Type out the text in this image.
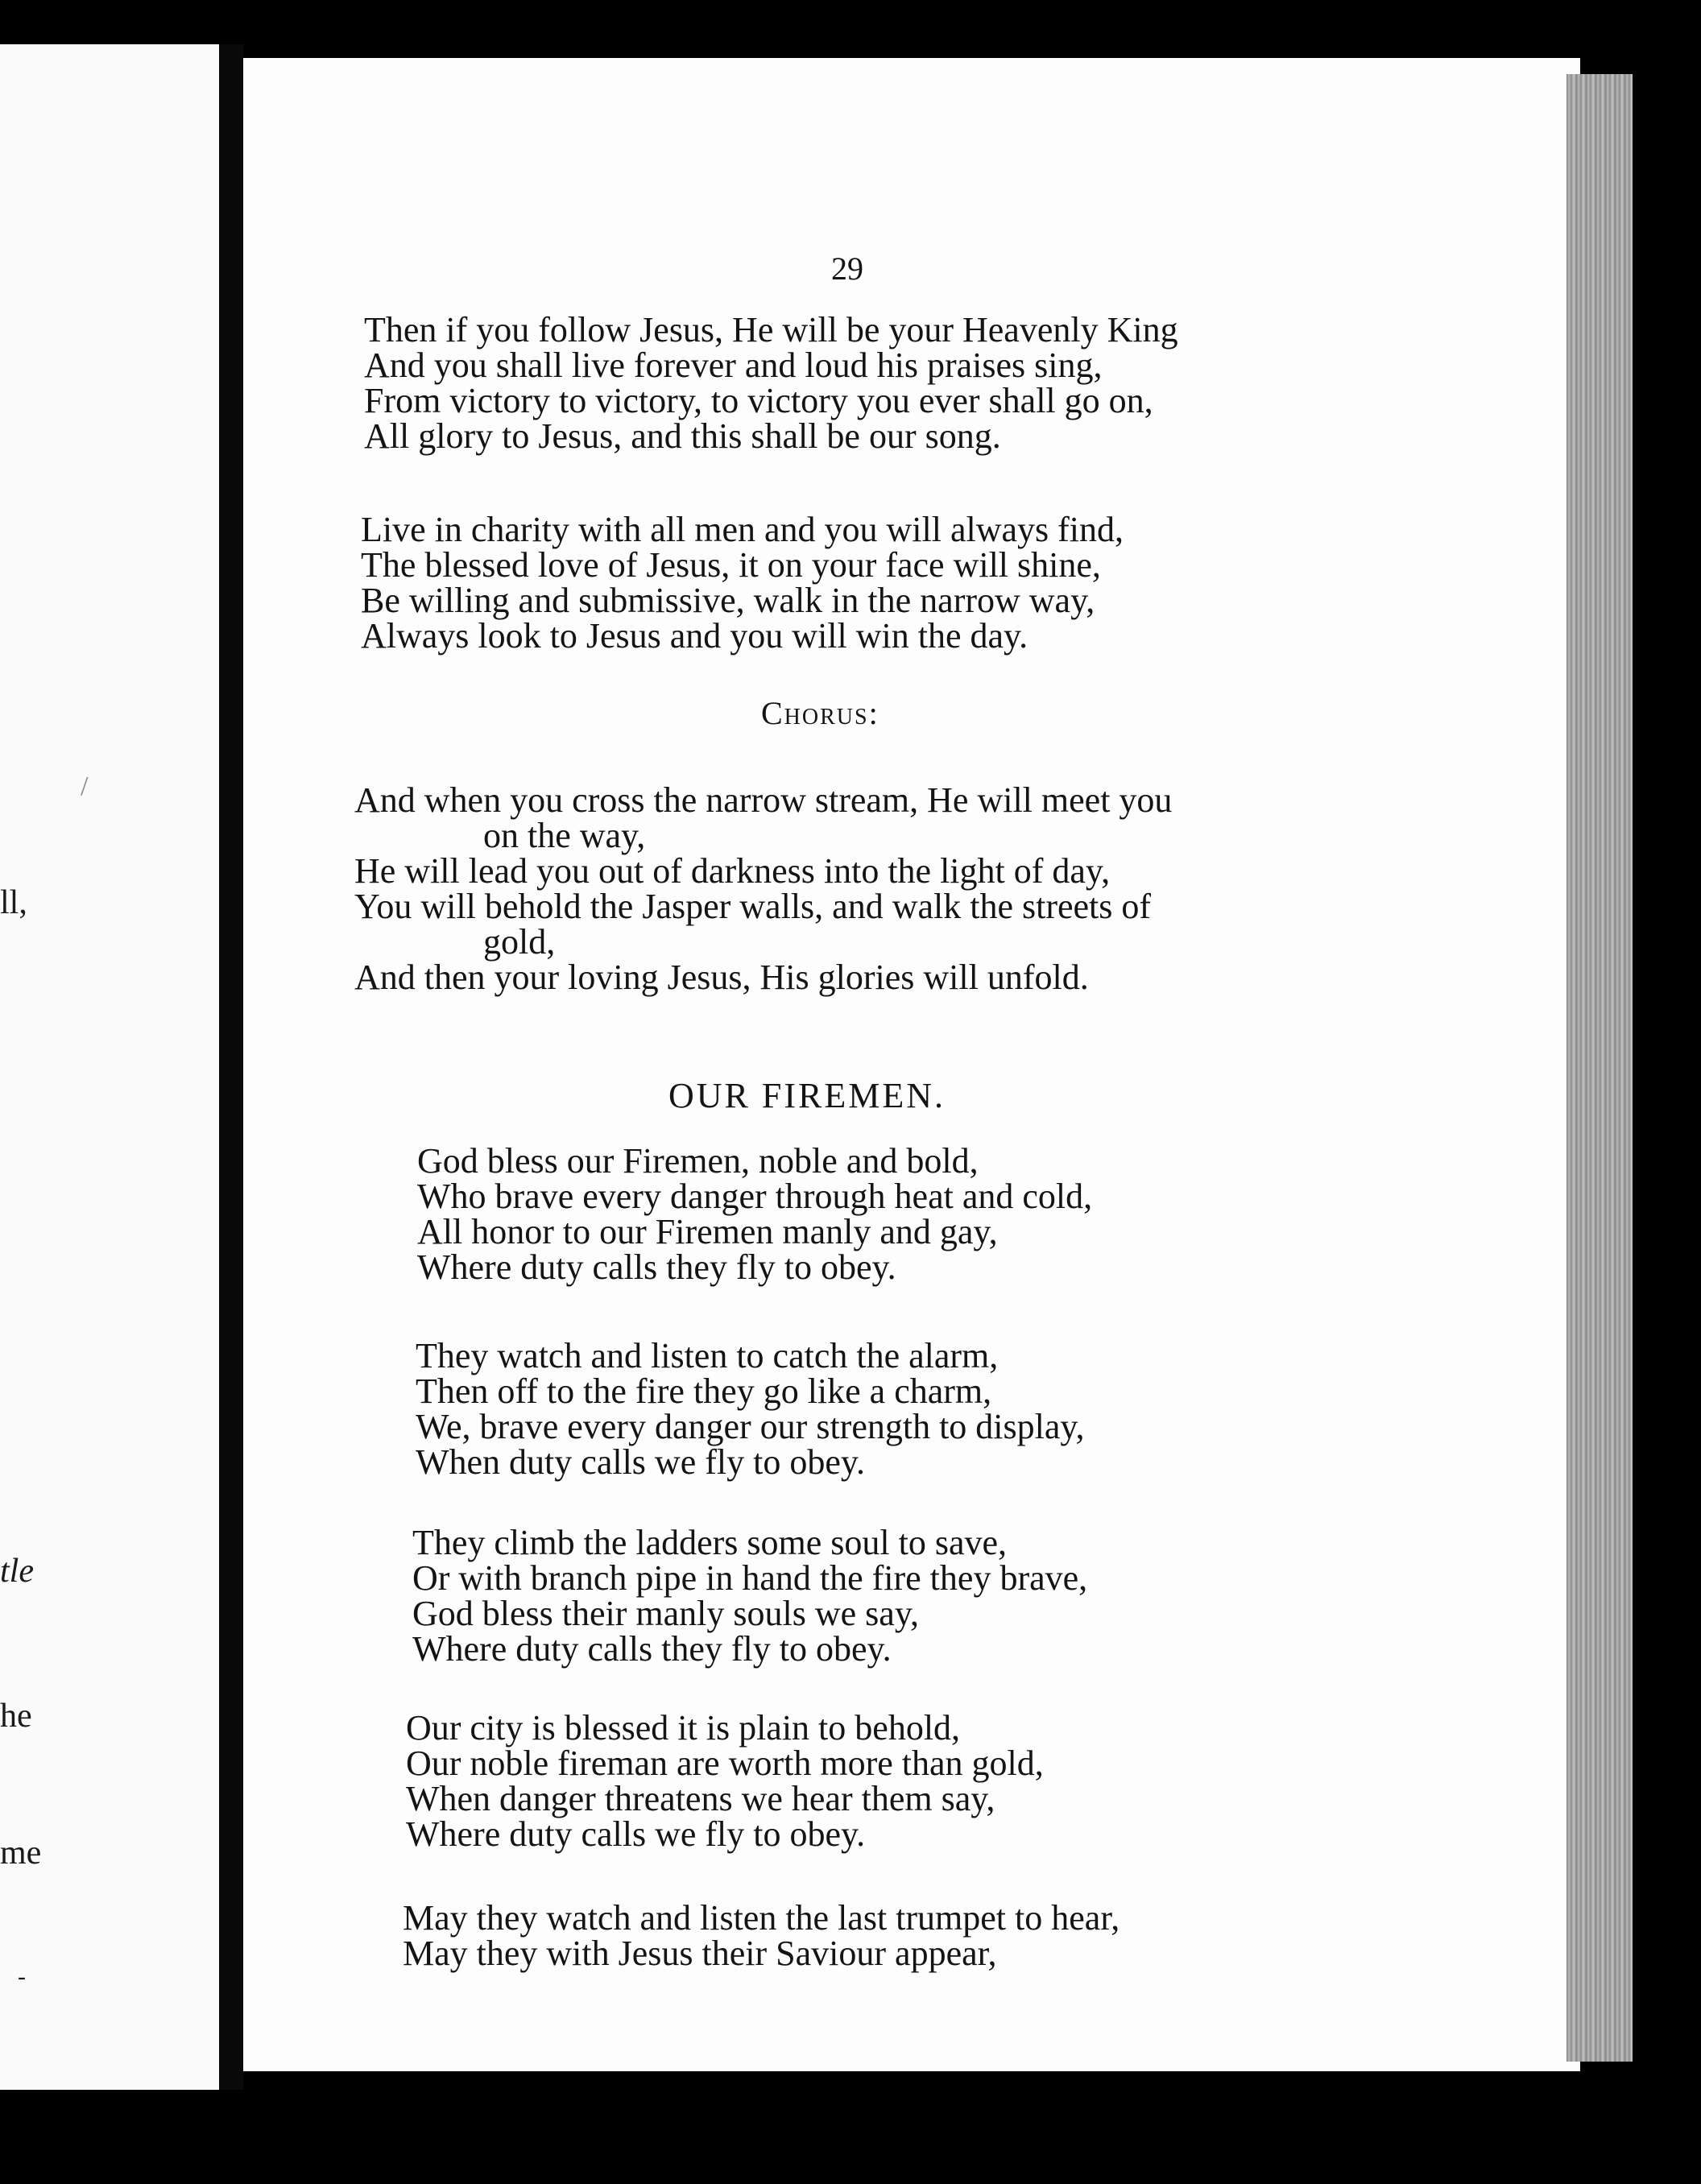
/
ll,
tle
he
me
-
29
Then if you follow Jesus, He will be your Heavenly King
And you shall live forever and loud his praises sing,
From victory to victory, to victory you ever shall go on,
All glory to Jesus, and this shall be our song.
Live in charity with all men and you will always find,
The blessed love of Jesus, it on your face will shine,
Be willing and submissive, walk in the narrow way,
Always look to Jesus and you will win the day.
Chorus:
And when you cross the narrow stream, He will meet you
on the way,
He will lead you out of darkness into the light of day,
You will behold the Jasper walls, and walk the streets of
gold,
And then your loving Jesus, His glories will unfold.
OUR FIREMEN.
God bless our Firemen, noble and bold,
Who brave every danger through heat and cold,
All honor to our Firemen manly and gay,
Where duty calls they fly to obey.
They watch and listen to catch the alarm,
Then off to the fire they go like a charm,
We, brave every danger our strength to display,
When duty calls we fly to obey.
They climb the ladders some soul to save,
Or with branch pipe in hand the fire they brave,
God bless their manly souls we say,
Where duty calls they fly to obey.
Our city is blessed it is plain to behold,
Our noble fireman are worth more than gold,
When danger threatens we hear them say,
Where duty calls we fly to obey.
May they watch and listen the last trumpet to hear,
May they with Jesus their Saviour appear,
